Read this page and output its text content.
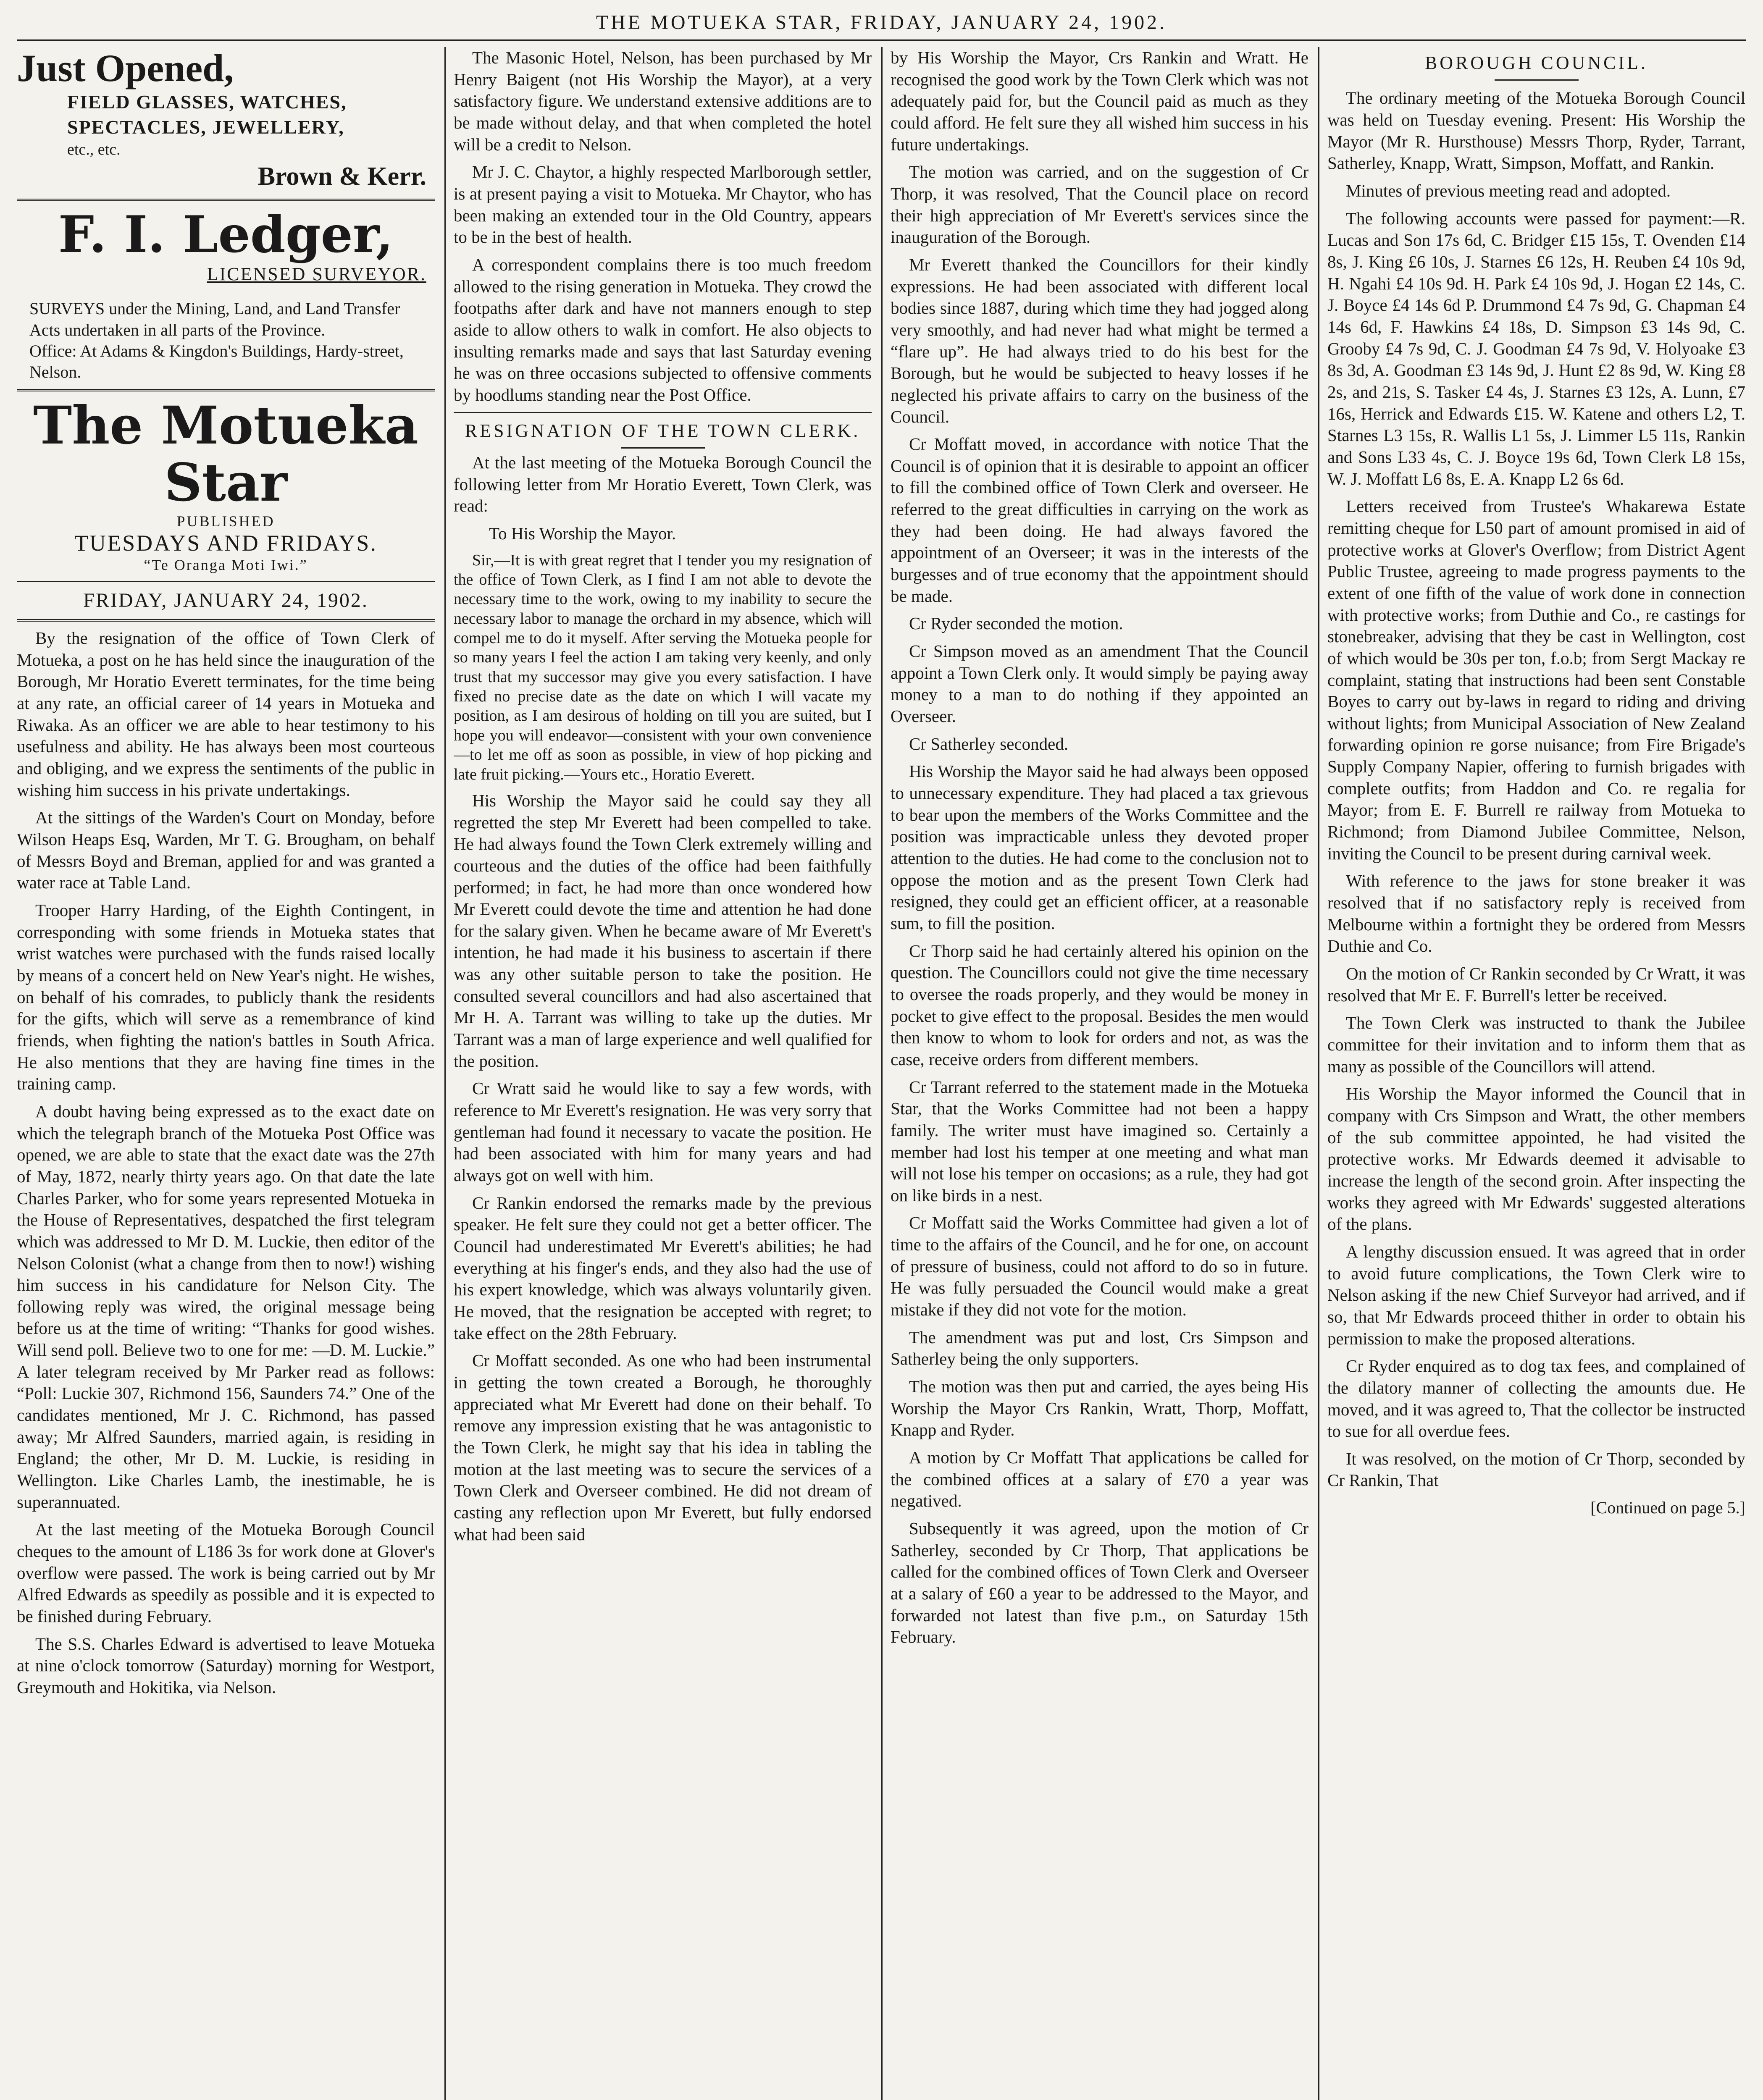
THE MOTUEKA STAR, FRIDAY, JANUARY 24, 1902.
Just Opened,
FIELD GLASSES, WATCHES,
SPECTACLES, JEWELLERY,
etc., etc.
Brown & Kerr.
F. I. Ledger,
LICENSED SURVEYOR.
SURVEYS under the Mining, Land, and Land Transfer Acts undertaken in all parts of the Province.
Office: At Adams & Kingdon's Buildings, Hardy-street, Nelson.
The Motueka Star
PUBLISHED
TUESDAYS AND FRIDAYS.
“Te Oranga Moti Iwi.”
FRIDAY, JANUARY 24, 1902.

By the resignation of the office of Town Clerk of Motueka, a post on he has held since the inauguration of the Borough, Mr Horatio Everett terminates, for the time being at any rate, an official career of 14 years in Motueka and Riwaka. As an officer we are able to hear testimony to his usefulness and ability. He has always been most courteous and obliging, and we express the sentiments of the public in wishing him success in his private undertakings.

At the sittings of the Warden's Court on Monday, before Wilson Heaps Esq, Warden, Mr T. G. Brougham, on behalf of Messrs Boyd and Breman, applied for and was granted a water race at Table Land.

Trooper Harry Harding, of the Eighth Contingent, in corresponding with some friends in Motueka states that wrist watches were purchased with the funds raised locally by means of a concert held on New Year's night. He wishes, on behalf of his comrades, to publicly thank the residents for the gifts, which will serve as a remembrance of kind friends, when fighting the nation's battles in South Africa. He also mentions that they are having fine times in the training camp.

A doubt having being expressed as to the exact date on which the telegraph branch of the Motueka Post Office was opened, we are able to state that the exact date was the 27th of May, 1872, nearly thirty years ago. On that date the late Charles Parker, who for some years represented Motueka in the House of Representatives, despatched the first telegram which was addressed to Mr D. M. Luckie, then editor of the Nelson Colonist (what a change from then to now!) wishing him success in his candidature for Nelson City. The following reply was wired, the original message being before us at the time of writing: “Thanks for good wishes. Will send poll. Believe two to one for me: —D. M. Luckie.” A later telegram received by Mr Parker read as follows: “Poll: Luckie 307, Richmond 156, Saunders 74.” One of the candidates mentioned, Mr J. C. Richmond, has passed away; Mr Alfred Saunders, married again, is residing in England; the other, Mr D. M. Luckie, is residing in Wellington. Like Charles Lamb, the inestimable, he is superannuated.

At the last meeting of the Motueka Borough Council cheques to the amount of L186 3s for work done at Glover's overflow were passed. The work is being carried out by Mr Alfred Edwards as speedily as possible and it is expected to be finished during February.

The S.S. Charles Edward is advertised to leave Motueka at nine o'clock tomorrow (Saturday) morning for Westport, Greymouth and Hokitika, via Nelson.

The Masonic Hotel, Nelson, has been purchased by Mr Henry Baigent (not His Worship the Mayor), at a very satisfactory figure. We understand extensive additions are to be made without delay, and that when completed the hotel will be a credit to Nelson.

Mr J. C. Chaytor, a highly respected Marlborough settler, is at present paying a visit to Motueka. Mr Chaytor, who has been making an extended tour in the Old Country, appears to be in the best of health.

A correspondent complains there is too much freedom allowed to the rising generation in Motueka. They crowd the footpaths after dark and have not manners enough to step aside to allow others to walk in comfort. He also objects to insulting remarks made and says that last Saturday evening he was on three occasions subjected to offensive comments by hoodlums standing near the Post Office.

RESIGNATION OF THE TOWN CLERK.

At the last meeting of the Motueka Borough Council the following letter from Mr Horatio Everett, Town Clerk, was read:

To His Worship the Mayor.

Sir,—It is with great regret that I tender you my resignation of the office of Town Clerk, as I find I am not able to devote the necessary time to the work, owing to my inability to secure the necessary labor to manage the orchard in my absence, which will compel me to do it myself. After serving the Motueka people for so many years I feel the action I am taking very keenly, and only trust that my successor may give you every satisfaction. I have fixed no precise date as the date on which I will vacate my position, as I am desirous of holding on till you are suited, but I hope you will endeavor—consistent with your own convenience—to let me off as soon as possible, in view of hop picking and late fruit picking.—Yours etc., Horatio Everett.

His Worship the Mayor said he could say they all regretted the step Mr Everett had been compelled to take. He had always found the Town Clerk extremely willing and courteous and the duties of the office had been faithfully performed; in fact, he had more than once wondered how Mr Everett could devote the time and attention he had done for the salary given. When he became aware of Mr Everett's intention, he had made it his business to ascertain if there was any other suitable person to take the position. He consulted several councillors and had also ascertained that Mr H. A. Tarrant was willing to take up the duties. Mr Tarrant was a man of large experience and well qualified for the position.

Cr Wratt said he would like to say a few words, with reference to Mr Everett's resignation. He was very sorry that gentleman had found it necessary to vacate the position. He had been associated with him for many years and had always got on well with him.

Cr Rankin endorsed the remarks made by the previous speaker. He felt sure they could not get a better officer. The Council had underestimated Mr Everett's abilities; he had everything at his finger's ends, and they also had the use of his expert knowledge, which was always voluntarily given. He moved, that the resignation be accepted with regret; to take effect on the 28th February.

Cr Moffatt seconded. As one who had been instrumental in getting the town created a Borough, he thoroughly appreciated what Mr Everett had done on their behalf. To remove any impression existing that he was antagonistic to the Town Clerk, he might say that his idea in tabling the motion at the last meeting was to secure the services of a Town Clerk and Overseer combined. He did not dream of casting any reflection upon Mr Everett, but fully endorsed what had been said

by His Worship the Mayor, Crs Rankin and Wratt. He recognised the good work by the Town Clerk which was not adequately paid for, but the Council paid as much as they could afford. He felt sure they all wished him success in his future undertakings.

The motion was carried, and on the suggestion of Cr Thorp, it was resolved, That the Council place on record their high appreciation of Mr Everett's services since the inauguration of the Borough.

Mr Everett thanked the Councillors for their kindly expressions. He had been associated with different local bodies since 1887, during which time they had jogged along very smoothly, and had never had what might be termed a “flare up”. He had always tried to do his best for the Borough, but he would be subjected to heavy losses if he neglected his private affairs to carry on the business of the Council.

Cr Moffatt moved, in accordance with notice That the Council is of opinion that it is desirable to appoint an officer to fill the combined office of Town Clerk and overseer. He referred to the great difficulties in carrying on the work as they had been doing. He had always favored the appointment of an Overseer; it was in the interests of the burgesses and of true economy that the appointment should be made.

Cr Ryder seconded the motion.

Cr Simpson moved as an amendment That the Council appoint a Town Clerk only. It would simply be paying away money to a man to do nothing if they appointed an Overseer.

Cr Satherley seconded.

His Worship the Mayor said he had always been opposed to unnecessary expenditure. They had placed a tax grievous to bear upon the members of the Works Committee and the position was impracticable unless they devoted proper attention to the duties. He had come to the conclusion not to oppose the motion and as the present Town Clerk had resigned, they could get an efficient officer, at a reasonable sum, to fill the position.

Cr Thorp said he had certainly altered his opinion on the question. The Councillors could not give the time necessary to oversee the roads properly, and they would be money in pocket to give effect to the proposal. Besides the men would then know to whom to look for orders and not, as was the case, receive orders from different members.

Cr Tarrant referred to the statement made in the Motueka Star, that the Works Committee had not been a happy family. The writer must have imagined so. Certainly a member had lost his temper at one meeting and what man will not lose his temper on occasions; as a rule, they had got on like birds in a nest.

Cr Moffatt said the Works Committee had given a lot of time to the affairs of the Council, and he for one, on account of pressure of business, could not afford to do so in future. He was fully persuaded the Council would make a great mistake if they did not vote for the motion.

The amendment was put and lost, Crs Simpson and Satherley being the only supporters.

The motion was then put and carried, the ayes being His Worship the Mayor Crs Rankin, Wratt, Thorp, Moffatt, Knapp and Ryder.

A motion by Cr Moffatt That applications be called for the combined offices at a salary of £70 a year was negatived.

Subsequently it was agreed, upon the motion of Cr Satherley, seconded by Cr Thorp, That applications be called for the combined offices of Town Clerk and Overseer at a salary of £60 a year to be addressed to the Mayor, and forwarded not latest than five p.m., on Saturday 15th February.

BOROUGH COUNCIL.

The ordinary meeting of the Motueka Borough Council was held on Tuesday evening. Present: His Worship the Mayor (Mr R. Hursthouse) Messrs Thorp, Ryder, Tarrant, Satherley, Knapp, Wratt, Simpson, Moffatt, and Rankin.

Minutes of previous meeting read and adopted.

The following accounts were passed for payment:—R. Lucas and Son 17s 6d, C. Bridger £15 15s, T. Ovenden £14 8s, J. King £6 10s, J. Starnes £6 12s, H. Reuben £4 10s 9d, H. Ngahi £4 10s 9d. H. Park £4 10s 9d, J. Hogan £2 14s, C. J. Boyce £4 14s 6d P. Drummond £4 7s 9d, G. Chapman £4 14s 6d, F. Hawkins £4 18s, D. Simpson £3 14s 9d, C. Grooby £4 7s 9d, C. J. Goodman £4 7s 9d, V. Holyoake £3 8s 3d, A. Goodman £3 14s 9d, J. Hunt £2 8s 9d, W. King £8 2s, and 21s, S. Tasker £4 4s, J. Starnes £3 12s, A. Lunn, £7 16s, Herrick and Edwards £15. W. Katene and others L2, T. Starnes L3 15s, R. Wallis L1 5s, J. Limmer L5 11s, Rankin and Sons L33 4s, C. J. Boyce 19s 6d, Town Clerk L8 15s, W. J. Moffatt L6 8s, E. A. Knapp L2 6s 6d.

Letters received from Trustee's Whakarewa Estate remitting cheque for L50 part of amount promised in aid of protective works at Glover's Overflow; from District Agent Public Trustee, agreeing to made progress payments to the extent of one fifth of the value of work done in connection with protective works; from Duthie and Co., re castings for stonebreaker, advising that they be cast in Wellington, cost of which would be 30s per ton, f.o.b; from Sergt Mackay re complaint, stating that instructions had been sent Constable Boyes to carry out by-laws in regard to riding and driving without lights; from Municipal Association of New Zealand forwarding opinion re gorse nuisance; from Fire Brigade's Supply Company Napier, offering to furnish brigades with complete outfits; from Haddon and Co. re regalia for Mayor; from E. F. Burrell re railway from Motueka to Richmond; from Diamond Jubilee Committee, Nelson, inviting the Council to be present during carnival week.

With reference to the jaws for stone breaker it was resolved that if no satisfactory reply is received from Melbourne within a fortnight they be ordered from Messrs Duthie and Co.

On the motion of Cr Rankin seconded by Cr Wratt, it was resolved that Mr E. F. Burrell's letter be received.

The Town Clerk was instructed to thank the Jubilee committee for their invitation and to inform them that as many as possible of the Councillors will attend.

His Worship the Mayor informed the Council that in company with Crs Simpson and Wratt, the other members of the sub committee appointed, he had visited the protective works. Mr Edwards deemed it advisable to increase the length of the second groin. After inspecting the works they agreed with Mr Edwards' suggested alterations of the plans.

A lengthy discussion ensued. It was agreed that in order to avoid future complications, the Town Clerk wire to Nelson asking if the new Chief Surveyor had arrived, and if so, that Mr Edwards proceed thither in order to obtain his permission to make the proposed alterations.

Cr Ryder enquired as to dog tax fees, and complained of the dilatory manner of collecting the amounts due. He moved, and it was agreed to, That the collector be instructed to sue for all overdue fees.

It was resolved, on the motion of Cr Thorp, seconded by Cr Rankin, That

[Continued on page 5.]
